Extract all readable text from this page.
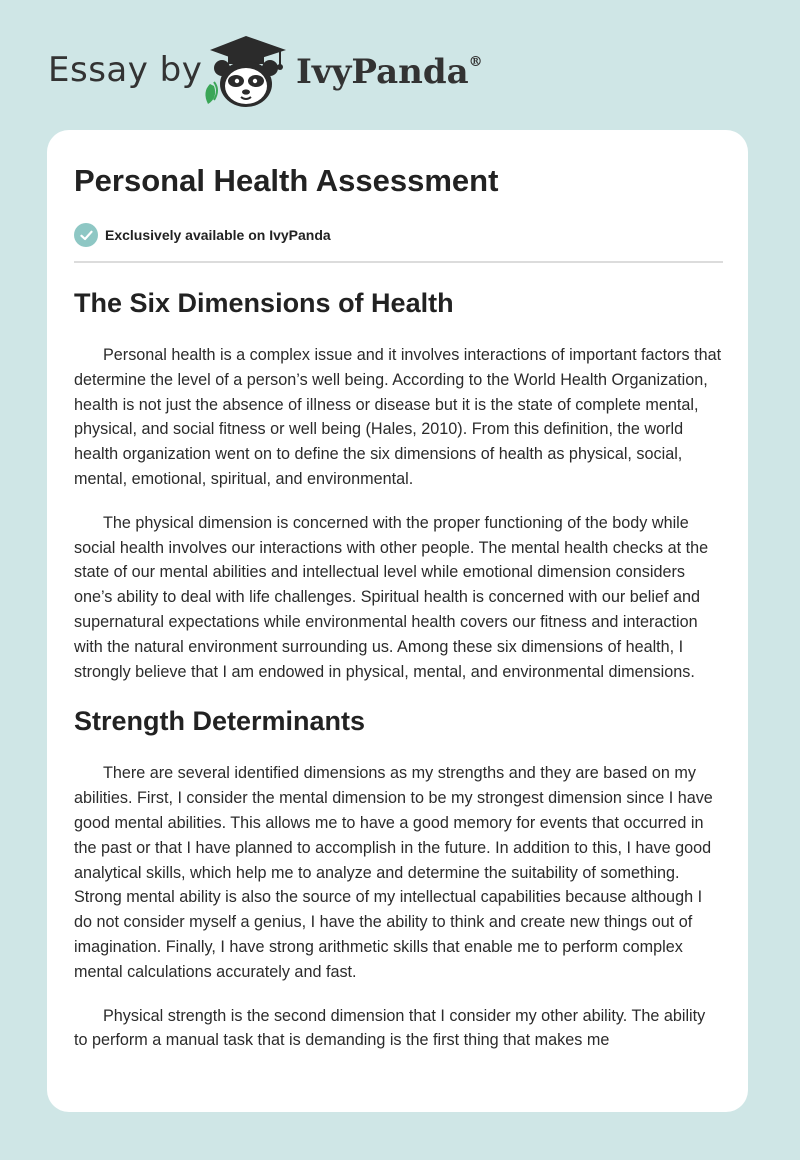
Essay by	IvyPanda®
Personal Health Assessment
Exclusively available on IvyPanda
The Six Dimensions of Health

Personal health is a complex issue and it involves interactions of important factors that determine the level of a person’s well being. According to the World Health Organization, health is not just the absence of illness or disease but it is the state of complete mental, physical, and social fitness or well being (Hales, 2010). From this definition, the world health organization went on to define the six dimensions of health as physical, social, mental, emotional, spiritual, and environmental.

The physical dimension is concerned with the proper functioning of the body while social health involves our interactions with other people. The mental health checks at the state of our mental abilities and intellectual level while emotional dimension considers one’s ability to deal with life challenges. Spiritual health is concerned with our belief and supernatural expectations while environmental health covers our fitness and interaction with the natural environment surrounding us. Among these six dimensions of health, I strongly believe that I am endowed in physical, mental, and environmental dimensions.

Strength Determinants

There are several identified dimensions as my strengths and they are based on my abilities. First, I consider the mental dimension to be my strongest dimension since I have good mental abilities. This allows me to have a good memory for events that occurred in the past or that I have planned to accomplish in the future. In addition to this, I have good analytical skills, which help me to analyze and determine the suitability of something. Strong mental ability is also the source of my intellectual capabilities because although I do not consider myself a genius, I have the ability to think and create new things out of imagination. Finally, I have strong arithmetic skills that enable me to perform complex mental calculations accurately and fast.

Physical strength is the second dimension that I consider my other ability. The ability to perform a manual task that is demanding is the first thing that makes me
